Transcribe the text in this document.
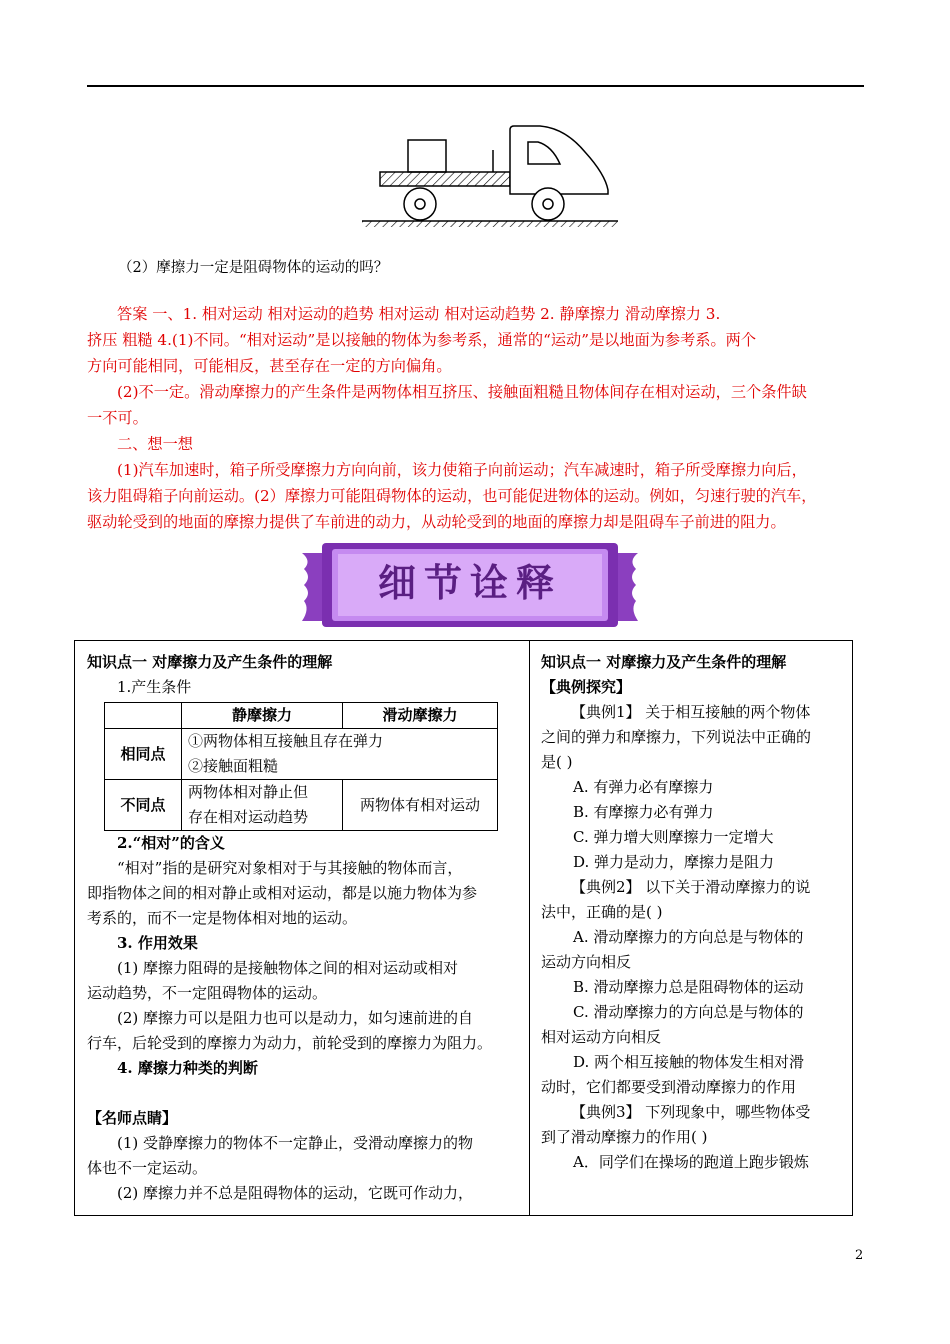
（2）摩擦力一定是阻碍物体的运动的吗？

答案 一、1. 相对运动 相对运动的趋势 相对运动 相对运动趋势 2. 静摩擦力 滑动摩擦力 3.

挤压 粗糙 4.(1)不同。“相对运动”是以接触的物体为参考系，通常的“运动”是以地面为参考系。两个

方向可能相同，可能相反，甚至存在一定的方向偏角。

(2)不一定。滑动摩擦力的产生条件是两物体相互挤压、接触面粗糙且物体间存在相对运动，三个条件缺

一不可。

二、想一想

(1)汽车加速时，箱子所受摩擦力方向向前，该力使箱子向前运动；汽车减速时，箱子所受摩擦力向后，

该力阻碍箱子向前运动。(2）摩擦力可能阻碍物体的运动，也可能促进物体的运动。例如，匀速行驶的汽车，

驱动轮受到的地面的摩擦力提供了车前进的动力，从动轮受到的地面的摩擦力却是阻碍车子前进的阻力。

细节诠释

知识点一 对摩擦力及产生条件的理解

1.产生条件

	静摩擦力	滑动摩擦力
相同点	①两物体相互接触且存在弹力
②接触面粗糙	

不同点	两物体相对静止但
存在相对运动趋势	两物体有相对运动

2.“相对”的含义

“相对”指的是研究对象相对于与其接触的物体而言，

即指物体之间的相对静止或相对运动，都是以施力物体为参

考系的，而不一定是物体相对地的运动。

3. 作用效果

(1) 摩擦力阻碍的是接触物体之间的相对运动或相对

运动趋势，不一定阻碍物体的运动。

(2) 摩擦力可以是阻力也可以是动力，如匀速前进的自

行车，后轮受到的摩擦力为动力，前轮受到的摩擦力为阻力。

4. 摩擦力种类的判断

【名师点睛】

(1) 受静摩擦力的物体不一定静止，受滑动摩擦力的物

体也不一定运动。

(2) 摩擦力并不总是阻碍物体的运动，它既可作动力，

知识点一 对摩擦力及产生条件的理解

【典例探究】

【典例1】 关于相互接触的两个物体

之间的弹力和摩擦力，下列说法中正确的

是( )

A. 有弹力必有摩擦力

B. 有摩擦力必有弹力

C. 弹力增大则摩擦力一定增大

D. 弹力是动力，摩擦力是阻力

【典例2】 以下关于滑动摩擦力的说

法中，正确的是( )

A. 滑动摩擦力的方向总是与物体的

运动方向相反

B. 滑动摩擦力总是阻碍物体的运动

C. 滑动摩擦力的方向总是与物体的

相对运动方向相反

D. 两个相互接触的物体发生相对滑

动时，它们都要受到滑动摩擦力的作用

【典例3】 下列现象中，哪些物体受

到了滑动摩擦力的作用( )

A．同学们在操场的跑道上跑步锻炼

2
